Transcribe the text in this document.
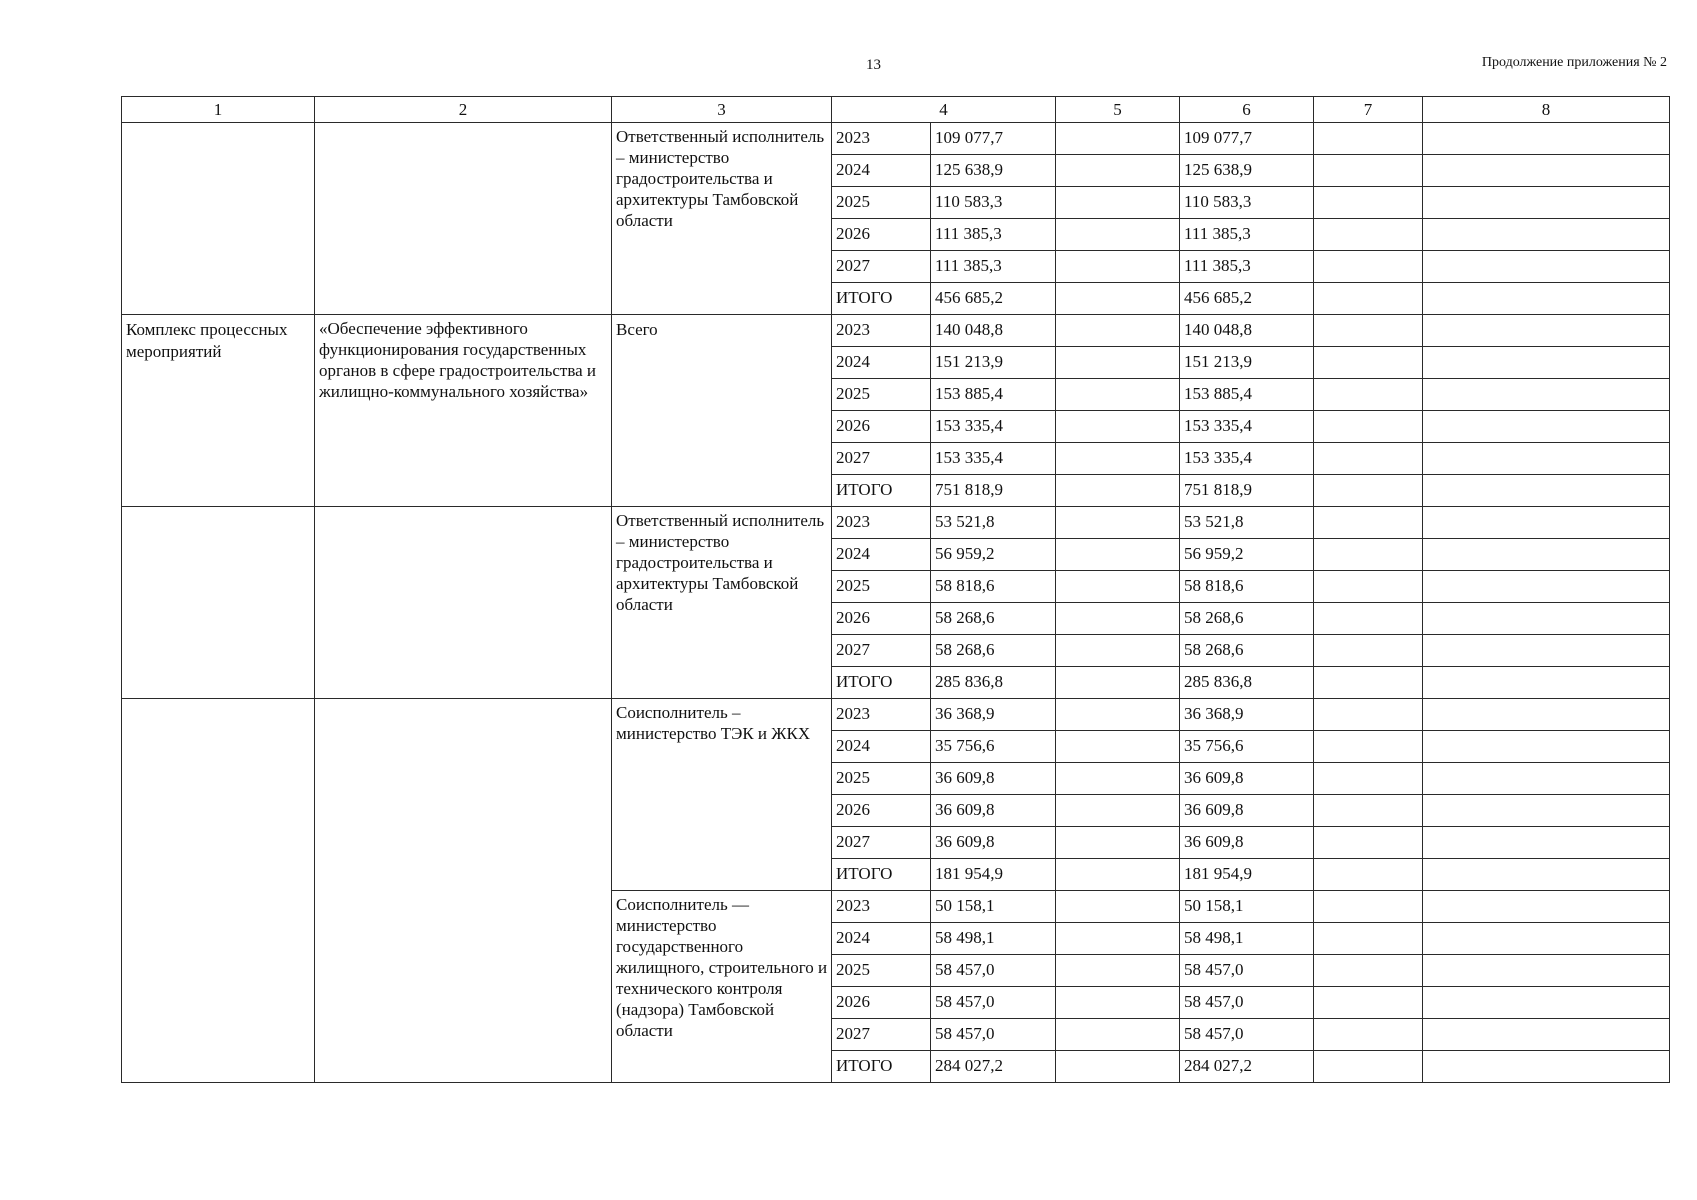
13	Продолжение приложения № 2
1	2	3	4		5	6	7	8
		Ответственный исполнитель – министерство градостроительства и архитектуры Тамбовской области	2023	109 077,7		109 077,7		
			2024	125 638,9		125 638,9		
			2025	110 583,3		110 583,3		
			2026	111 385,3		111 385,3		
			2027	111 385,3		111 385,3		
			ИТОГО	456 685,2		456 685,2		
Комплекс процессных мероприятий	«Обеспечение эффективного функционирования государственных органов в сфере градостроительства и жилищно-коммунального хозяйства»	Всего	2023	140 048,8		140 048,8		
			2024	151 213,9		151 213,9		
			2025	153 885,4		153 885,4		
			2026	153 335,4		153 335,4		
			2027	153 335,4		153 335,4		
			ИТОГО	751 818,9		751 818,9		
		Ответственный исполнитель – министерство градостроительства и архитектуры Тамбовской области	2023	53 521,8		53 521,8		
			2024	56 959,2		56 959,2		
			2025	58 818,6		58 818,6		
			2026	58 268,6		58 268,6		
			2027	58 268,6		58 268,6		
			ИТОГО	285 836,8		285 836,8		
		Соисполнитель – министерство ТЭК и ЖКХ	2023	36 368,9		36 368,9		
			2024	35 756,6		35 756,6		
			2025	36 609,8		36 609,8		
			2026	36 609,8		36 609,8		
			2027	36 609,8		36 609,8		
			ИТОГО	181 954,9		181 954,9		
		Соисполнитель — министерство государственного жилищного, строительного и технического контроля (надзора) Тамбовской области	2023	50 158,1		50 158,1		
			2024	58 498,1		58 498,1		
			2025	58 457,0		58 457,0		
			2026	58 457,0		58 457,0		
			2027	58 457,0		58 457,0		
			ИТОГО	284 027,2		284 027,2		
